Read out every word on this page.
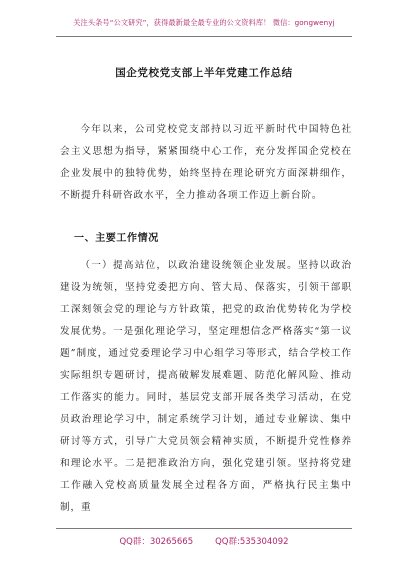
关注头条号“公文研究”，获得最新最全最专业的公文资料库！ 微信：gongwenyj
国企党校党支部上半年党建工作总结
今年以来，公司党校党支部持以习近平新时代中国特色社会主义思想为指导，紧紧围绕中心工作，充分发挥国企党校在企业发展中的独特优势，始终坚持在理论研究方面深耕细作，不断提升科研咨政水平，全力推动各项工作迈上新台阶。
一、主要工作情况
（一）提高站位，以政治建设统领企业发展。坚持以政治建设为统领，坚持党委把方向、管大局、保落实，引领干部职工深刻领会党的理论与方针政策，把党的政治优势转化为学校发展优势。一是强化理论学习，坚定理想信念严格落实“第一议题”制度，通过党委理论学习中心组学习等形式，结合学校工作实际组织专题研讨，提高破解发展难题、防范化解风险、推动工作落实的能力。同时，基层党支部开展各类学习活动，在党员政治理论学习中，制定系统学习计划，通过专业解读、集中研讨等方式，引导广大党员领会精神实质，不断提升党性修养和理论水平。二是把准政治方向，强化党建引领。坚持将党建工作融入党校高质量发展全过程各方面，严格执行民主集中制，重
QQ群：30265665	QQ群:535304092
